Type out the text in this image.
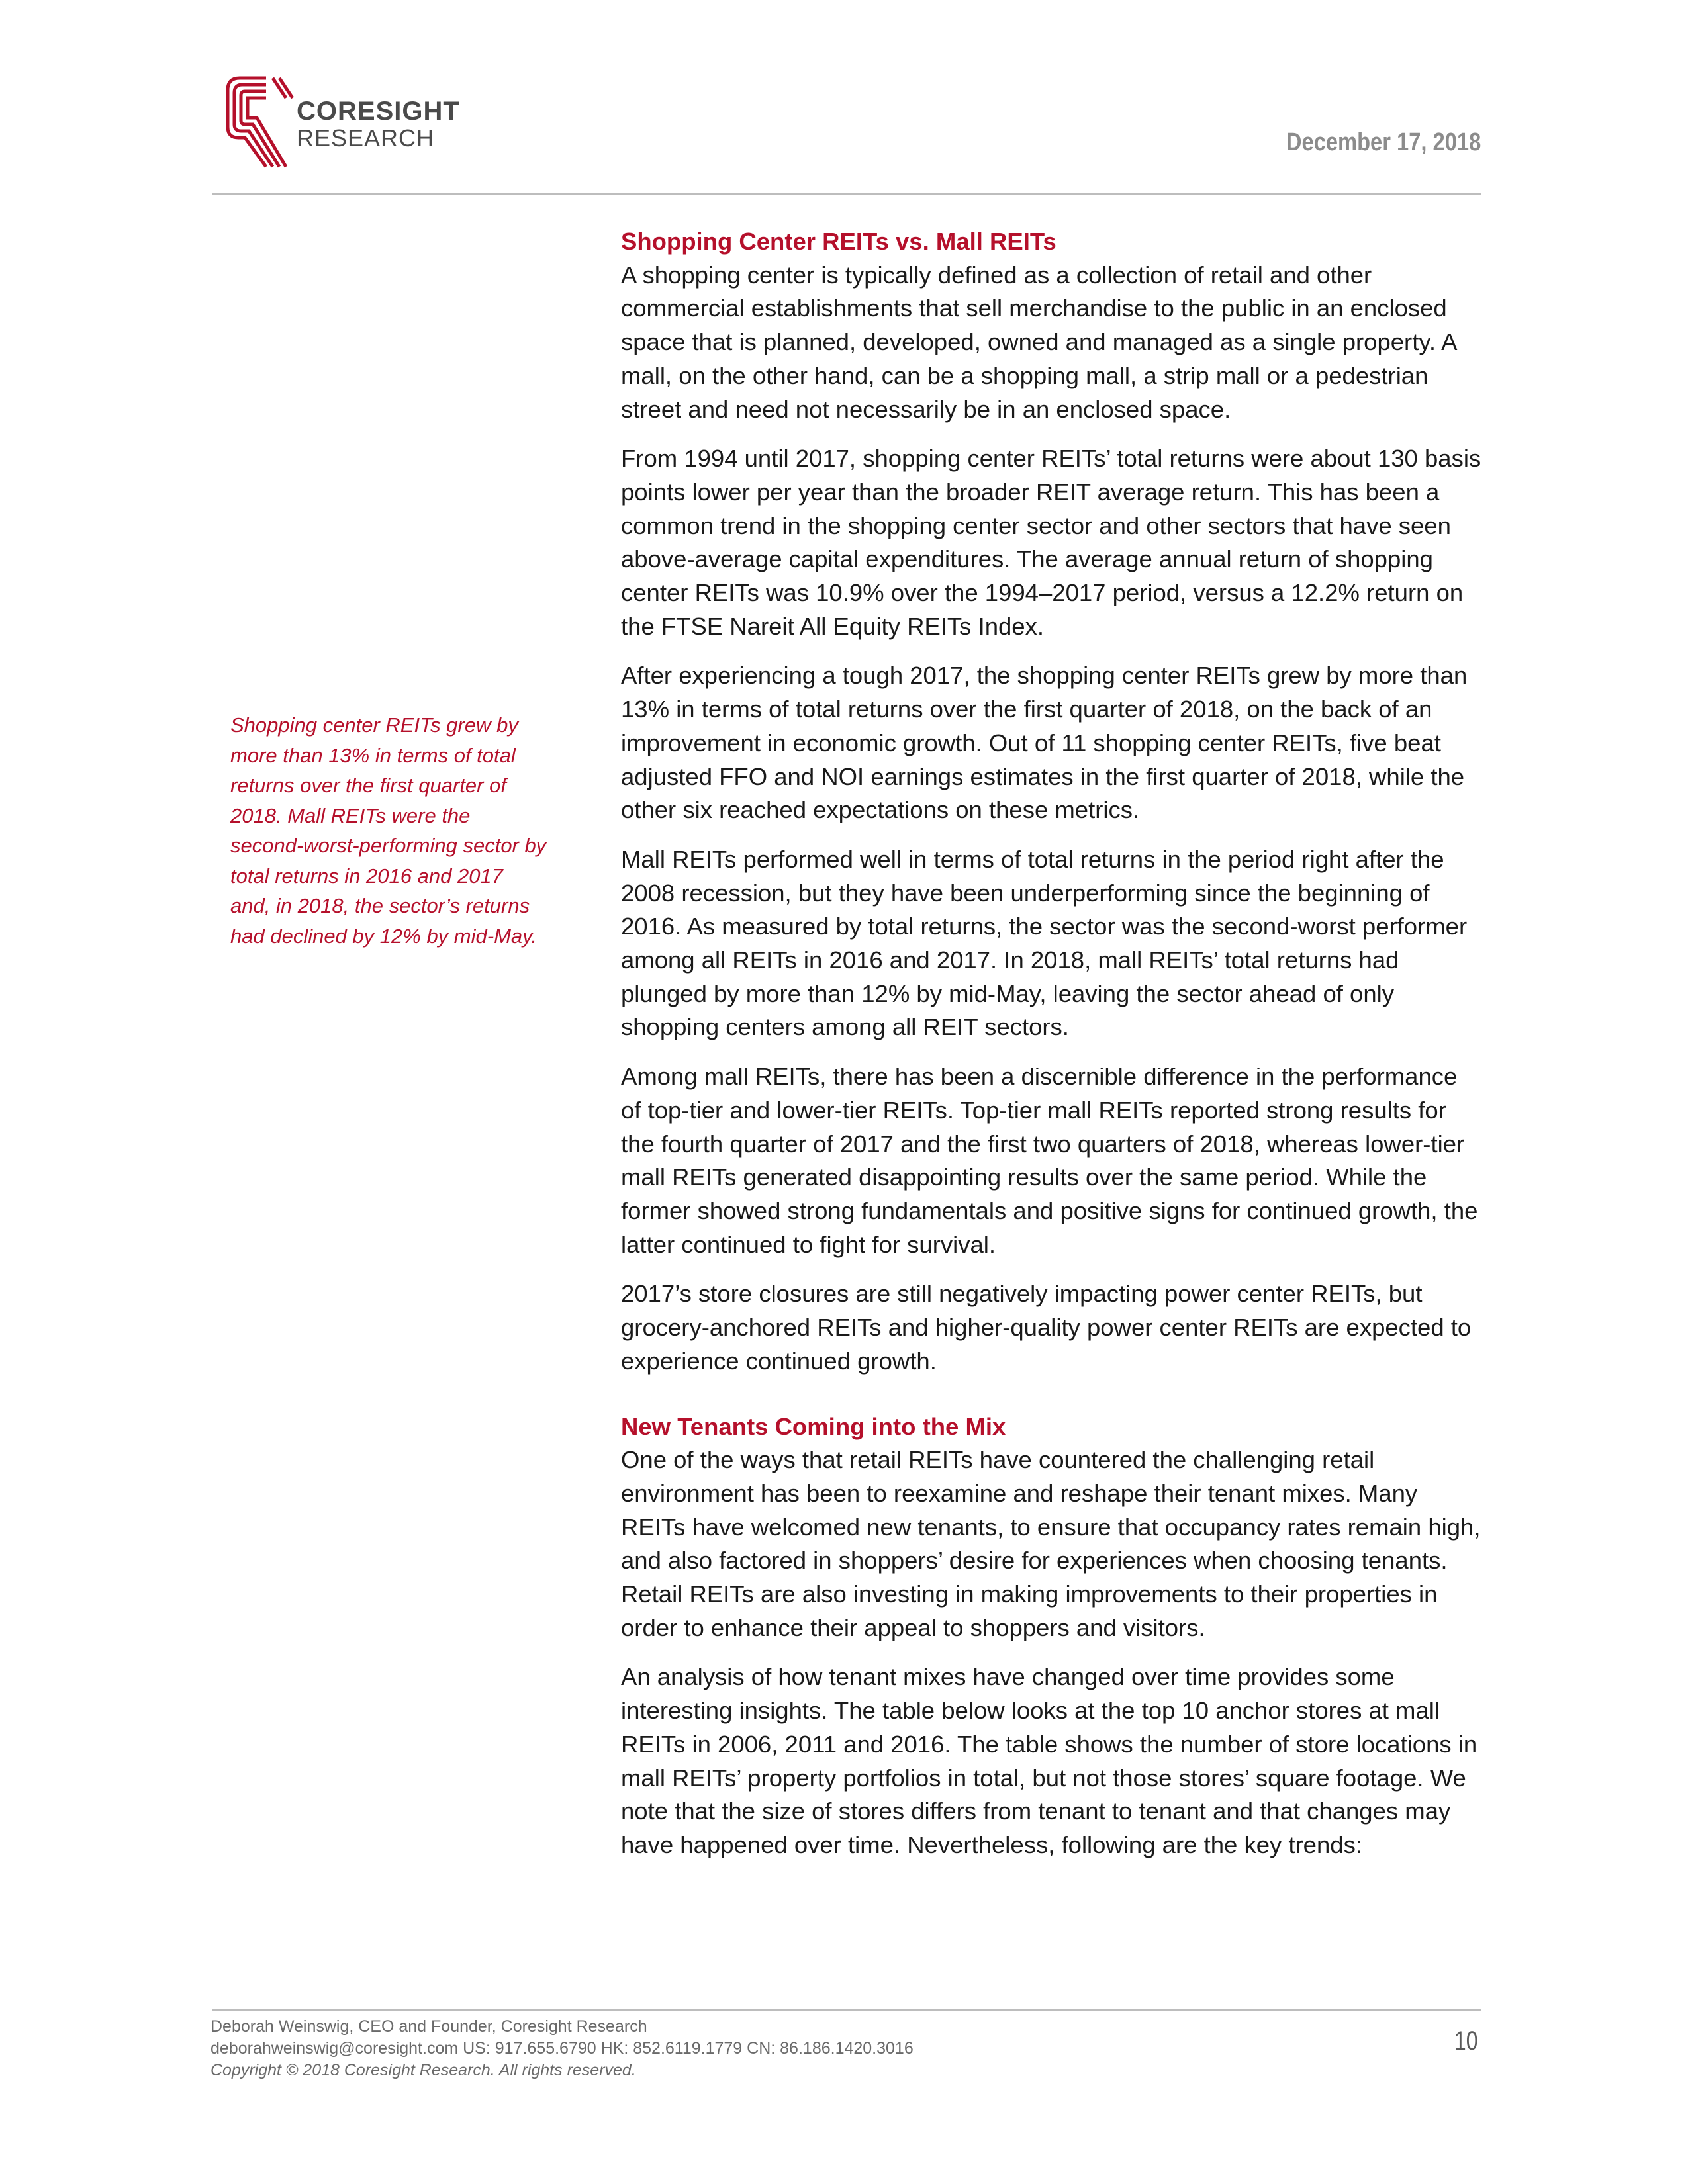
CORESIGHT
RESEARCH	December 17, 2018
Shopping center REITs grew by more than 13% in terms of total returns over the first quarter of 2018. Mall REITs were the second-worst-performing sector by total returns in 2016 and 2017 and, in 2018, the sector’s returns had declined by 12% by mid-May.
Shopping Center REITs vs. Mall REITs

A shopping center is typically defined as a collection of retail and other commercial establishments that sell merchandise to the public in an enclosed space that is planned, developed, owned and managed as a single property. A mall, on the other hand, can be a shopping mall, a strip mall or a pedestrian street and need not necessarily be in an enclosed space.

From 1994 until 2017, shopping center REITs’ total returns were about 130 basis points lower per year than the broader REIT average return. This has been a common trend in the shopping center sector and other sectors that have seen above-average capital expenditures. The average annual return of shopping center REITs was 10.9% over the 1994–2017 period, versus a 12.2% return on the FTSE Nareit All Equity REITs Index.

After experiencing a tough 2017, the shopping center REITs grew by more than 13% in terms of total returns over the first quarter of 2018, on the back of an improvement in economic growth. Out of 11 shopping center REITs, five beat adjusted FFO and NOI earnings estimates in the first quarter of 2018, while the other six reached expectations on these metrics.

Mall REITs performed well in terms of total returns in the period right after the 2008 recession, but they have been underperforming since the beginning of 2016. As measured by total returns, the sector was the second-worst performer among all REITs in 2016 and 2017. In 2018, mall REITs’ total returns had plunged by more than 12% by mid-May, leaving the sector ahead of only shopping centers among all REIT sectors.

Among mall REITs, there has been a discernible difference in the performance of top-tier and lower-tier REITs. Top-tier mall REITs reported strong results for the fourth quarter of 2017 and the first two quarters of 2018, whereas lower-tier mall REITs generated disappointing results over the same period. While the former showed strong fundamentals and positive signs for continued growth, the latter continued to fight for survival.

2017’s store closures are still negatively impacting power center REITs, but grocery-anchored REITs and higher-quality power center REITs are expected to experience continued growth.

New Tenants Coming into the Mix

One of the ways that retail REITs have countered the challenging retail environment has been to reexamine and reshape their tenant mixes. Many REITs have welcomed new tenants, to ensure that occupancy rates remain high, and also factored in shoppers’ desire for experiences when choosing tenants. Retail REITs are also investing in making improvements to their properties in order to enhance their appeal to shoppers and visitors.

An analysis of how tenant mixes have changed over time provides some interesting insights. The table below looks at the top 10 anchor stores at mall REITs in 2006, 2011 and 2016. The table shows the number of store locations in mall REITs’ property portfolios in total, but not those stores’ square footage. We note that the size of stores differs from tenant to tenant and that changes may have happened over time. Nevertheless, following are the key trends:

Deborah Weinswig, CEO and Founder, Coresight Research
deborahweinswig@coresight.com US: 917.655.6790 HK: 852.6119.1779 CN: 86.186.1420.3016
Copyright © 2018 Coresight Research. All rights reserved.
10
